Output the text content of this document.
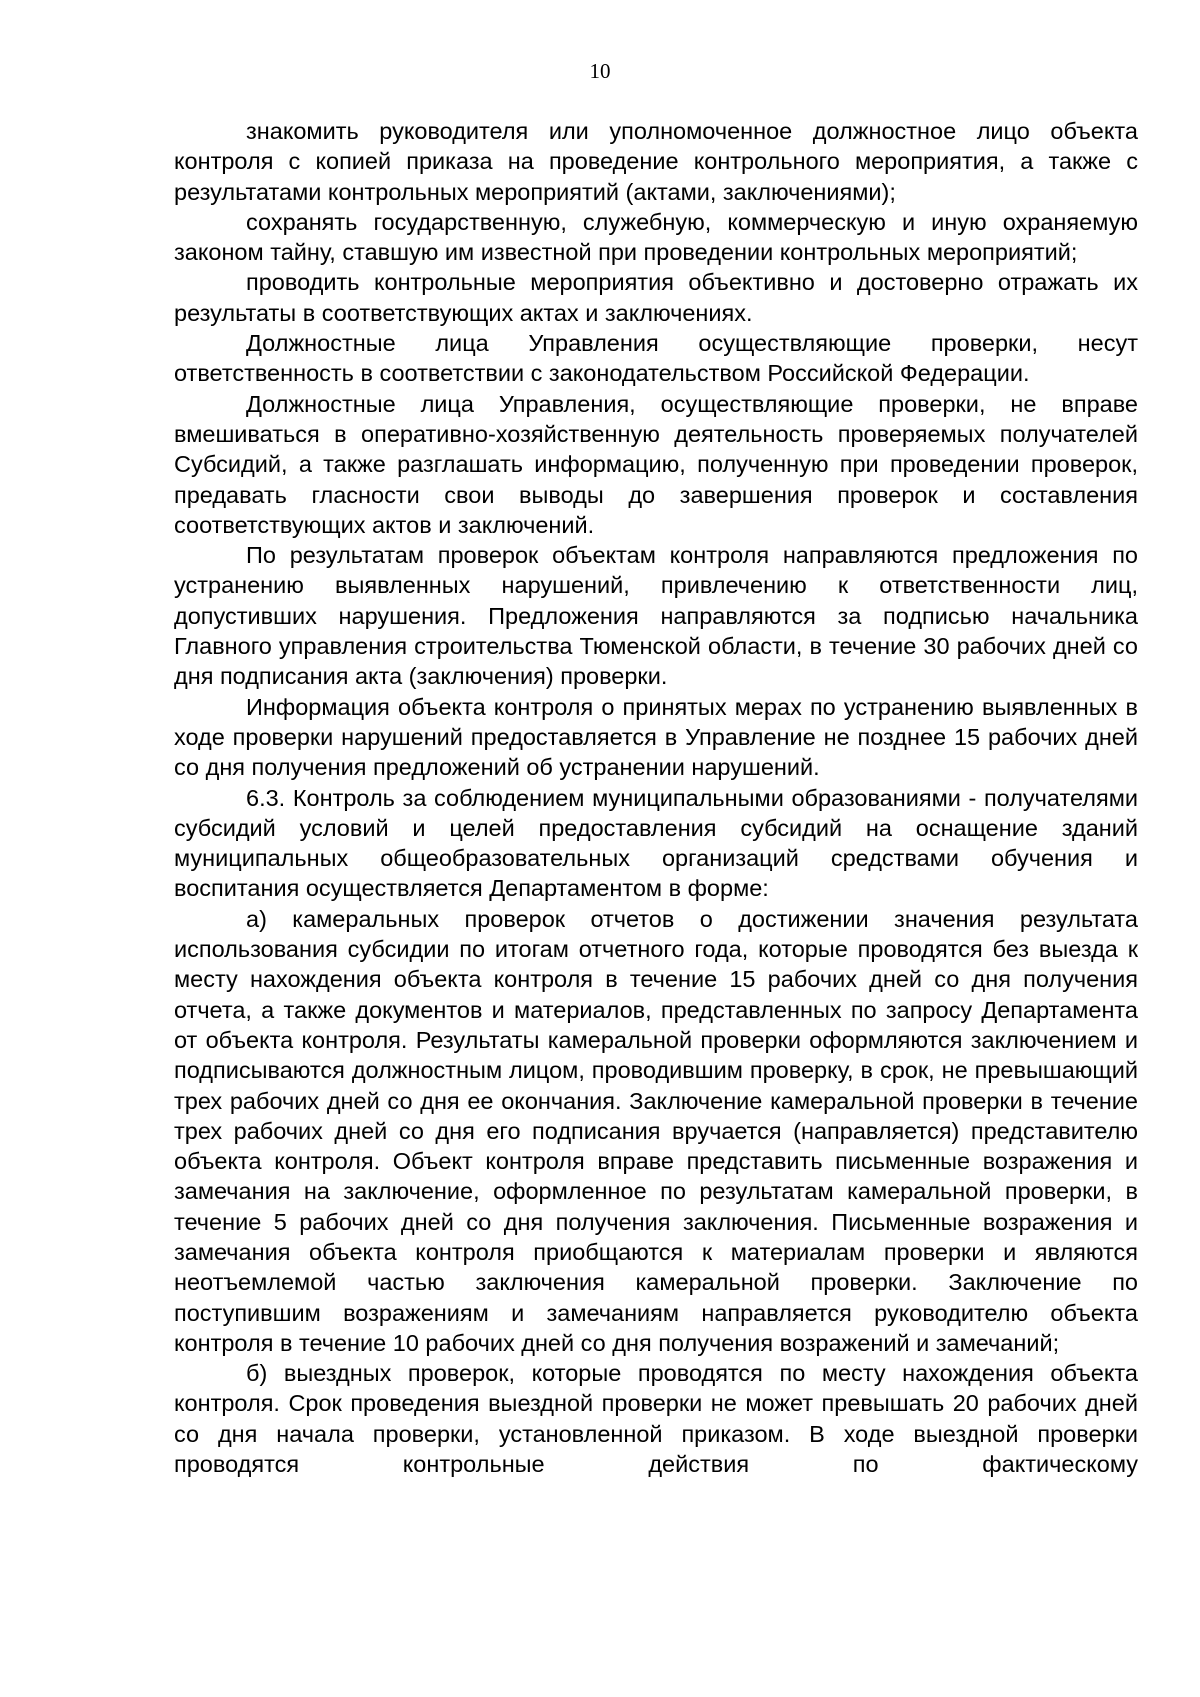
10

знакомить руководителя или уполномоченное должностное лицо объекта контроля с копией приказа на проведение контрольного мероприятия, а также с результатами контрольных мероприятий (актами, заключениями);

сохранять государственную, служебную, коммерческую и иную охраняемую законом тайну, ставшую им известной при проведении контрольных мероприятий;

проводить контрольные мероприятия объективно и достоверно отражать их результаты в соответствующих актах и заключениях.

Должностные лица Управления осуществляющие проверки, несут ответственность в соответствии с законодательством Российской Федерации.

Должностные лица Управления, осуществляющие проверки, не вправе вмешиваться в оперативно-хозяйственную деятельность проверяемых получателей Субсидий, а также разглашать информацию, полученную при проведении проверок, предавать гласности свои выводы до завершения проверок и составления соответствующих актов и заключений.

По результатам проверок объектам контроля направляются предложения по устранению выявленных нарушений, привлечению к ответственности лиц, допустивших нарушения. Предложения направляются за подписью начальника Главного управления строительства Тюменской области, в течение 30 рабочих дней со дня подписания акта (заключения) проверки.

Информация объекта контроля о принятых мерах по устранению выявленных в ходе проверки нарушений предоставляется в Управление не позднее 15 рабочих дней со дня получения предложений об устранении нарушений.

6.3. Контроль за соблюдением муниципальными образованиями - получателями субсидий условий и целей предоставления субсидий на оснащение зданий муниципальных общеобразовательных организаций средствами обучения и воспитания осуществляется Департаментом в форме:

а) камеральных проверок отчетов о достижении значения результата использования субсидии по итогам отчетного года, которые проводятся без выезда к месту нахождения объекта контроля в течение 15 рабочих дней со дня получения отчета, а также документов и материалов, представленных по запросу Департамента от объекта контроля. Результаты камеральной проверки оформляются заключением и подписываются должностным лицом, проводившим проверку, в срок, не превышающий трех рабочих дней со дня ее окончания. Заключение камеральной проверки в течение трех рабочих дней со дня его подписания вручается (направляется) представителю объекта контроля. Объект контроля вправе представить письменные возражения и замечания на заключение, оформленное по результатам камеральной проверки, в течение 5 рабочих дней со дня получения заключения. Письменные возражения и замечания объекта контроля приобщаются к материалам проверки и являются неотъемлемой частью заключения камеральной проверки. Заключение по поступившим возражениям и замечаниям направляется руководителю объекта контроля в течение 10 рабочих дней со дня получения возражений и замечаний;

б) выездных проверок, которые проводятся по месту нахождения объекта контроля. Срок проведения выездной проверки не может превышать 20 рабочих дней со дня начала проверки, установленной приказом. В ходе выездной проверки проводятся контрольные действия по фактическому
